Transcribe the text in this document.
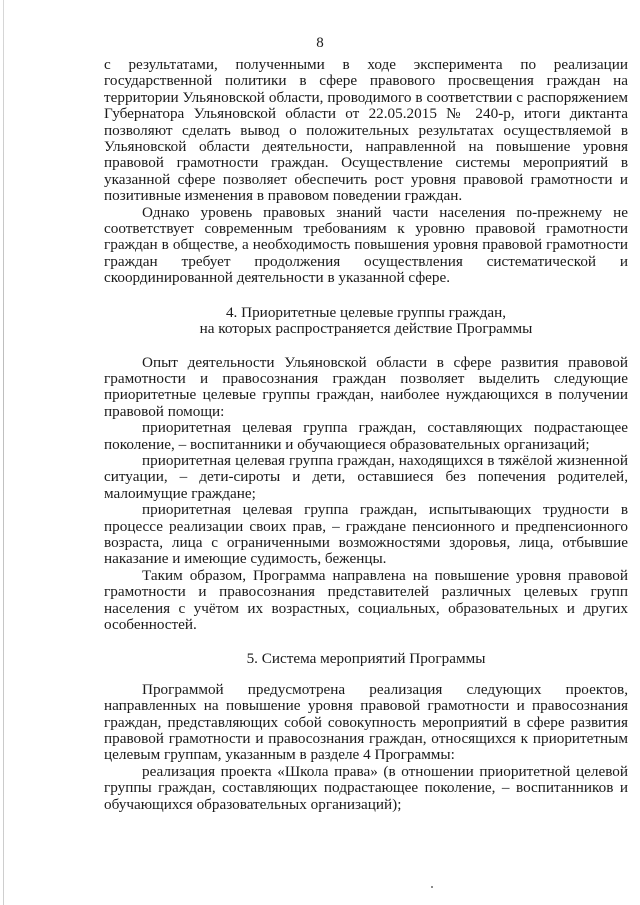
8

с результатами, полученными в ходе эксперимента по реализации государственной политики в сфере правового просвещения граждан на территории Ульяновской области, проводимого в соответствии с распоряжением Губернатора Ульяновской области от 22.05.2015 № 240-р, итоги диктанта позволяют сделать вывод о положительных результатах осуществляемой в Ульяновской области деятельности, направленной на повышение уровня правовой грамотности граждан. Осуществление системы мероприятий в указанной сфере позволяет обеспечить рост уровня правовой грамотности и позитивные изменения в правовом поведении граждан.

Однако уровень правовых знаний части населения по-прежнему не соответствует современным требованиям к уровню правовой грамотности граждан в обществе, а необходимость повышения уровня правовой грамотности граждан требует продолжения осуществления систематической и скоординированной деятельности в указанной сфере.

4. Приоритетные целевые группы граждан,
на которых распространяется действие Программы

Опыт деятельности Ульяновской области в сфере развития правовой грамотности и правосознания граждан позволяет выделить следующие приоритетные целевые группы граждан, наиболее нуждающихся в получении правовой помощи:

приоритетная целевая группа граждан, составляющих подрастающее поколение, – воспитанники и обучающиеся образовательных организаций;

приоритетная целевая группа граждан, находящихся в тяжёлой жизненной ситуации, – дети-сироты и дети, оставшиеся без попечения родителей, малоимущие граждане;

приоритетная целевая группа граждан, испытывающих трудности в процессе реализации своих прав, – граждане пенсионного и предпенсионного возраста, лица с ограниченными возможностями здоровья, лица, отбывшие наказание и имеющие судимость, беженцы.

Таким образом, Программа направлена на повышение уровня правовой грамотности и правосознания представителей различных целевых групп населения с учётом их возрастных, социальных, образовательных и других особенностей.

5. Система мероприятий Программы

Программой предусмотрена реализация следующих проектов, направленных на повышение уровня правовой грамотности и правосознания граждан, представляющих собой совокупность мероприятий в сфере развития правовой грамотности и правосознания граждан, относящихся к приоритетным целевым группам, указанным в разделе 4 Программы:

реализация проекта «Школа права» (в отношении приоритетной целевой группы граждан, составляющих подрастающее поколение, – воспитанников и обучающихся образовательных организаций);
